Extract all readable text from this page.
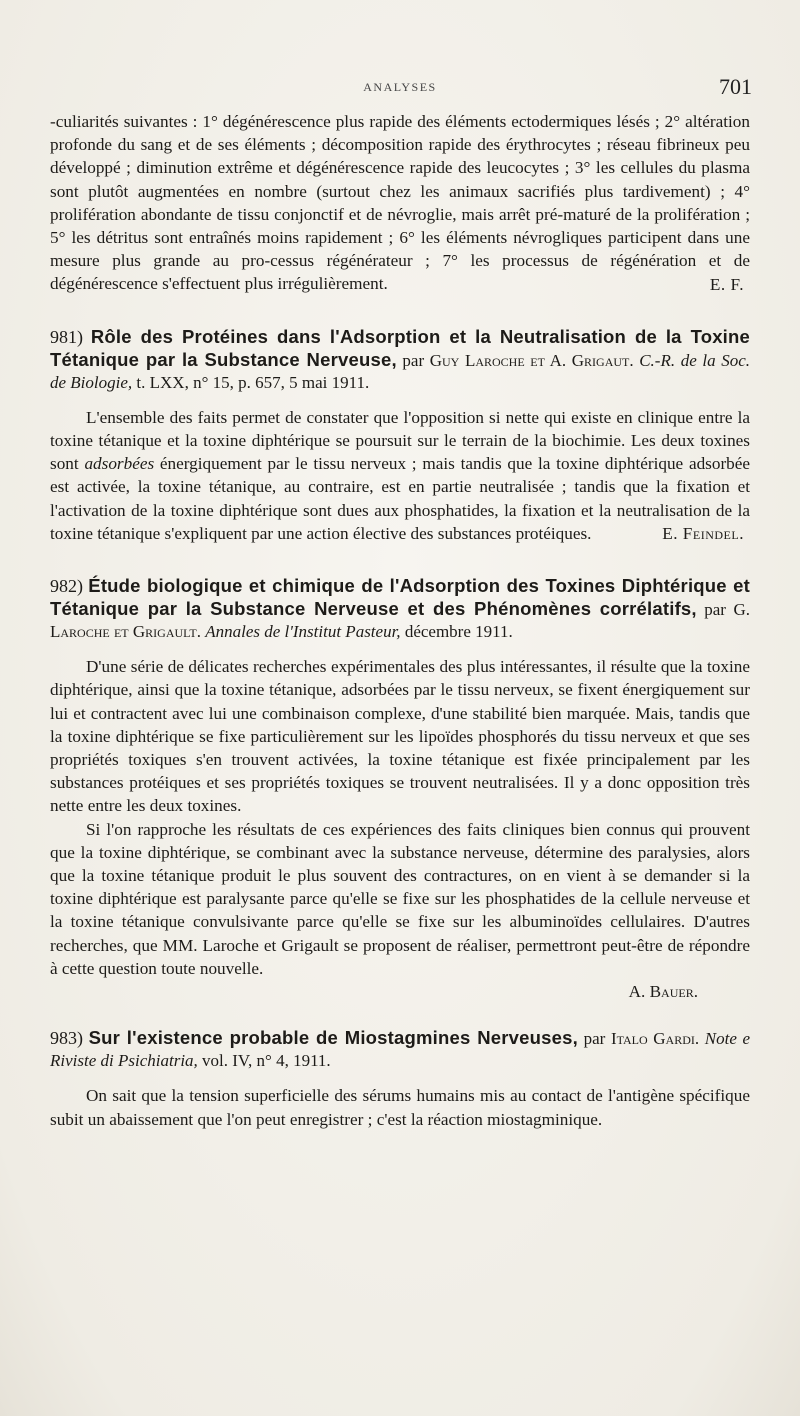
ANALYSES	701

-culiarités suivantes : 1° dégénérescence plus rapide des éléments ectodermiques lésés ; 2° altération profonde du sang et de ses éléments ; décomposition rapide des érythrocytes ; réseau fibrineux peu développé ; diminution extrême et dégénérescence rapide des leucocytes ; 3° les cellules du plasma sont plutôt augmentées en nombre (surtout chez les animaux sacrifiés plus tardivement) ; 4° prolifération abondante de tissu conjonctif et de névroglie, mais arrêt pré-maturé de la prolifération ; 5° les détritus sont entraînés moins rapidement ; 6° les éléments névrogliques participent dans une mesure plus grande au pro-cessus régénérateur ; 7° les processus de régénération et de dégénérescence s'effectuent plus irrégulièrement.	E. F.

981) Rôle des Protéines dans l'Adsorption et la Neutralisation de la Toxine Tétanique par la Substance Nerveuse, par Guy Laroche et A. Grigaut. C.-R. de la Soc. de Biologie, t. LXX, n° 15, p. 657, 5 mai 1911.

L'ensemble des faits permet de constater que l'opposition si nette qui existe en clinique entre la toxine tétanique et la toxine diphtérique se poursuit sur le terrain de la biochimie. Les deux toxines sont adsorbées énergiquement par le tissu nerveux ; mais tandis que la toxine diphtérique adsorbée est activée, la toxine tétanique, au contraire, est en partie neutralisée ; tandis que la fixation et l'activation de la toxine diphtérique sont dues aux phosphatides, la fixation et la neutralisation de la toxine tétanique s'expliquent par une action élective des substances protéiques.	E. Feindel.

982) Étude biologique et chimique de l'Adsorption des Toxines Diphtérique et Tétanique par la Substance Nerveuse et des Phénomènes corrélatifs, par G. Laroche et Grigault. Annales de l'Institut Pasteur, décembre 1911.

D'une série de délicates recherches expérimentales des plus intéressantes, il résulte que la toxine diphtérique, ainsi que la toxine tétanique, adsorbées par le tissu nerveux, se fixent énergiquement sur lui et contractent avec lui une combinaison complexe, d'une stabilité bien marquée. Mais, tandis que la toxine diphtérique se fixe particulièrement sur les lipoïdes phosphorés du tissu nerveux et que ses propriétés toxiques s'en trouvent activées, la toxine tétanique est fixée principalement par les substances protéiques et ses propriétés toxiques se trouvent neutralisées. Il y a donc opposition très nette entre les deux toxines.

Si l'on rapproche les résultats de ces expériences des faits cliniques bien connus qui prouvent que la toxine diphtérique, se combinant avec la substance nerveuse, détermine des paralysies, alors que la toxine tétanique produit le plus souvent des contractures, on en vient à se demander si la toxine diphtérique est paralysante parce qu'elle se fixe sur les phosphatides de la cellule nerveuse et la toxine tétanique convulsivante parce qu'elle se fixe sur les albuminoïdes cellulaires. D'autres recherches, que MM. Laroche et Grigault se proposent de réaliser, permettront peut-être de répondre à cette question toute nouvelle.

A. Bauer.

983) Sur l'existence probable de Miostagmines Nerveuses, par Italo Gardi. Note e Riviste di Psichiatria, vol. IV, n° 4, 1911.

On sait que la tension superficielle des sérums humains mis au contact de l'antigène spécifique subit un abaissement que l'on peut enregistrer ; c'est la réaction miostagminique.
